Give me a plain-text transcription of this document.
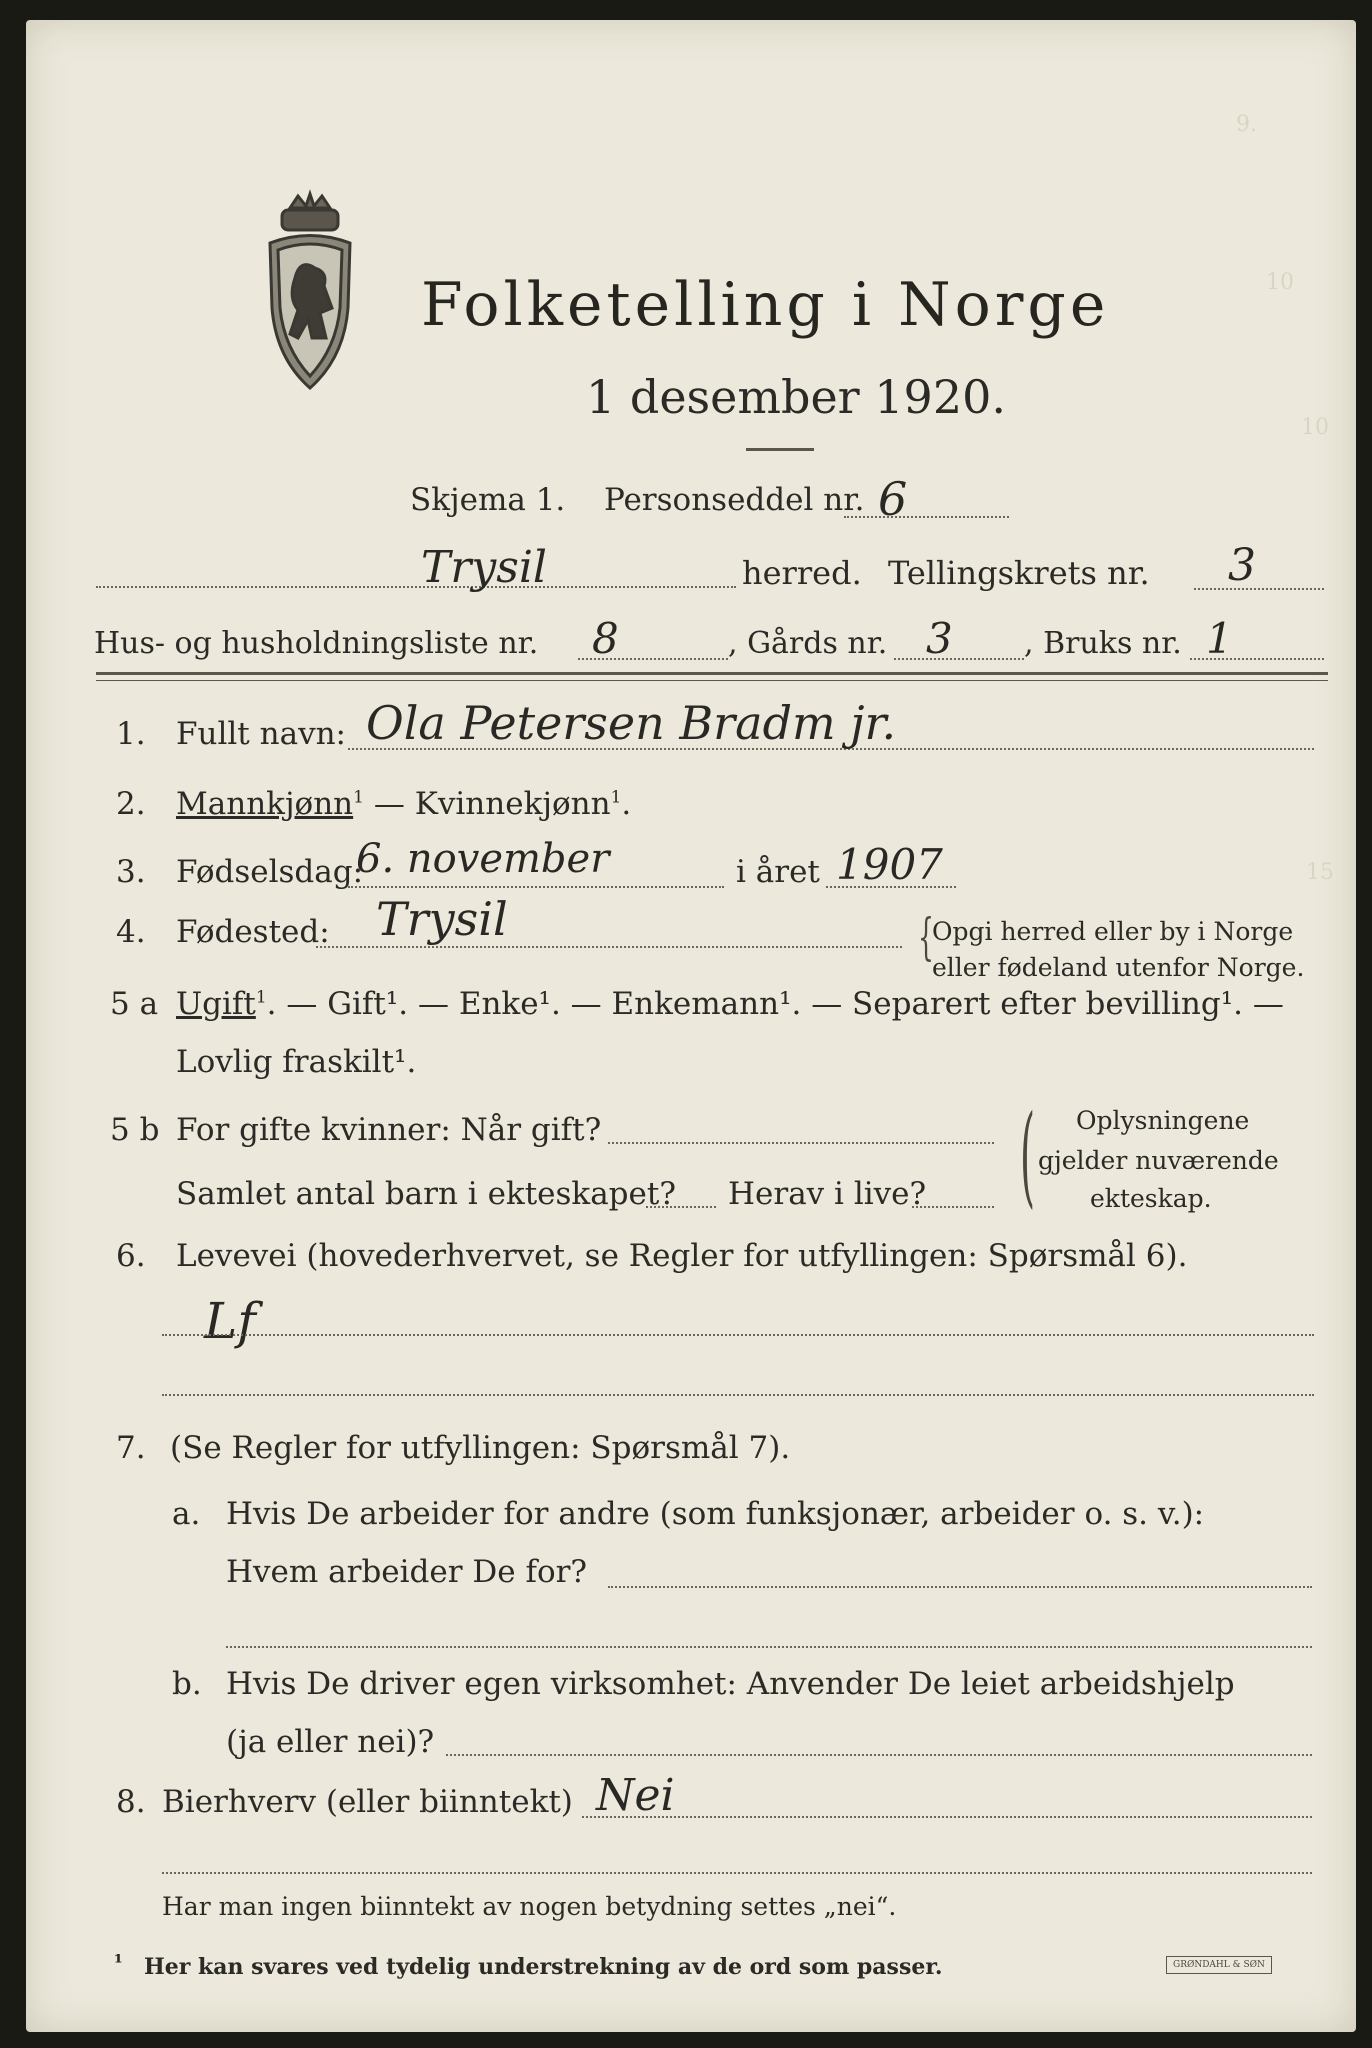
9.
10
10
15
Folketelling i Norge
1 desember 1920.
Skjema 1. Personseddel nr. 6
Trysil	herred. Tellingskrets nr. 3
Hus- og husholdningsliste nr. 8	, Gårds nr. 3 , Bruks nr. 1
1. Fullt navn: Ola Petersen Bradm jr.
2. Mannkjønn$^1$ — Kvinnekjønn$^1$.
3. Fødselsdag:
6. november	i året 1907
4. Fødested: Trysil	{
Opgi herred eller by i Norge
eller fødeland utenfor Norge.
5 a Ugift$^1$. — Gift¹. — Enke¹. — Enkemann¹. — Separert efter bevilling¹. —
Lovlig fraskilt¹.
5 b For gifte kvinner: Når gift?
Samlet antal barn i ekteskapet? Herav i live? ( Oplysningene
gjelder nuværende
ekteskap.
6. Levevei (hovederhvervet, se Regler for utfyllingen: Spørsmål 6).
Lf
7. (Se Regler for utfyllingen: Spørsmål 7).
a. Hvis De arbeider for andre (som funksjonær, arbeider o. s. v.):
Hvem arbeider De for?
b. Hvis De driver egen virksomhet: Anvender De leiet arbeidshjelp
(ja eller nei)?
8. Bierhverv (eller biinntekt) Nei
Har man ingen biinntekt av nogen betydning settes „nei“.
¹ Her kan svares ved tydelig understrekning av de ord som passer.	GRØNDAHL & SØN
